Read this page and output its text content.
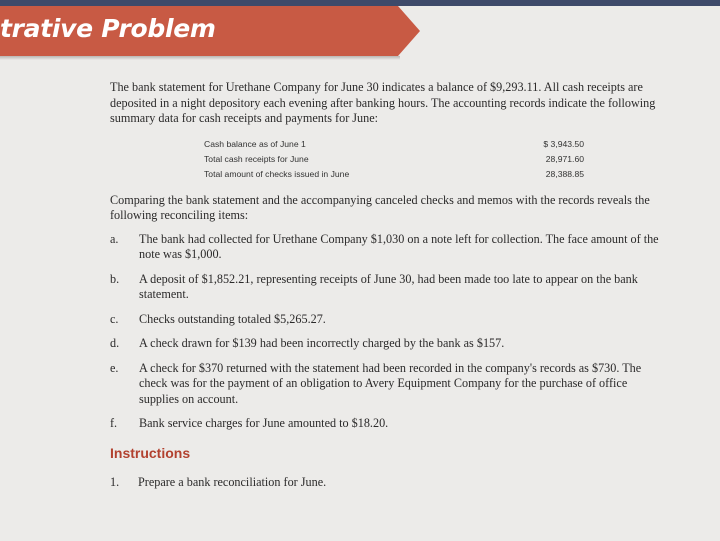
trative Problem

The bank statement for Urethane Company for June 30 indicates a balance of $9,293.11. All cash receipts are deposited in a night depository each evening after banking hours. The accounting records indicate the following summary data for cash receipts and payments for June:

Cash balance as of June 1	$ 3,943.50
Total cash receipts for June	28,971.60
Total amount of checks issued in June	28,388.85

Comparing the bank statement and the accompanying canceled checks and memos with the records reveals the following reconciling items:

a.	The bank had collected for Urethane Company $1,030 on a note left for collection. The face amount of the note was $1,000.
b.	A deposit of $1,852.21, representing receipts of June 30, had been made too late to appear on the bank statement.
c.	Checks outstanding totaled $5,265.27.
d.	A check drawn for $139 had been incorrectly charged by the bank as $157.
e.	A check for $370 returned with the statement had been recorded in the company's records as $730. The check was for the payment of an obligation to Avery Equipment Company for the purchase of office supplies on account.
f.	Bank service charges for June amounted to $18.20.
Instructions
1.	Prepare a bank reconciliation for June.
